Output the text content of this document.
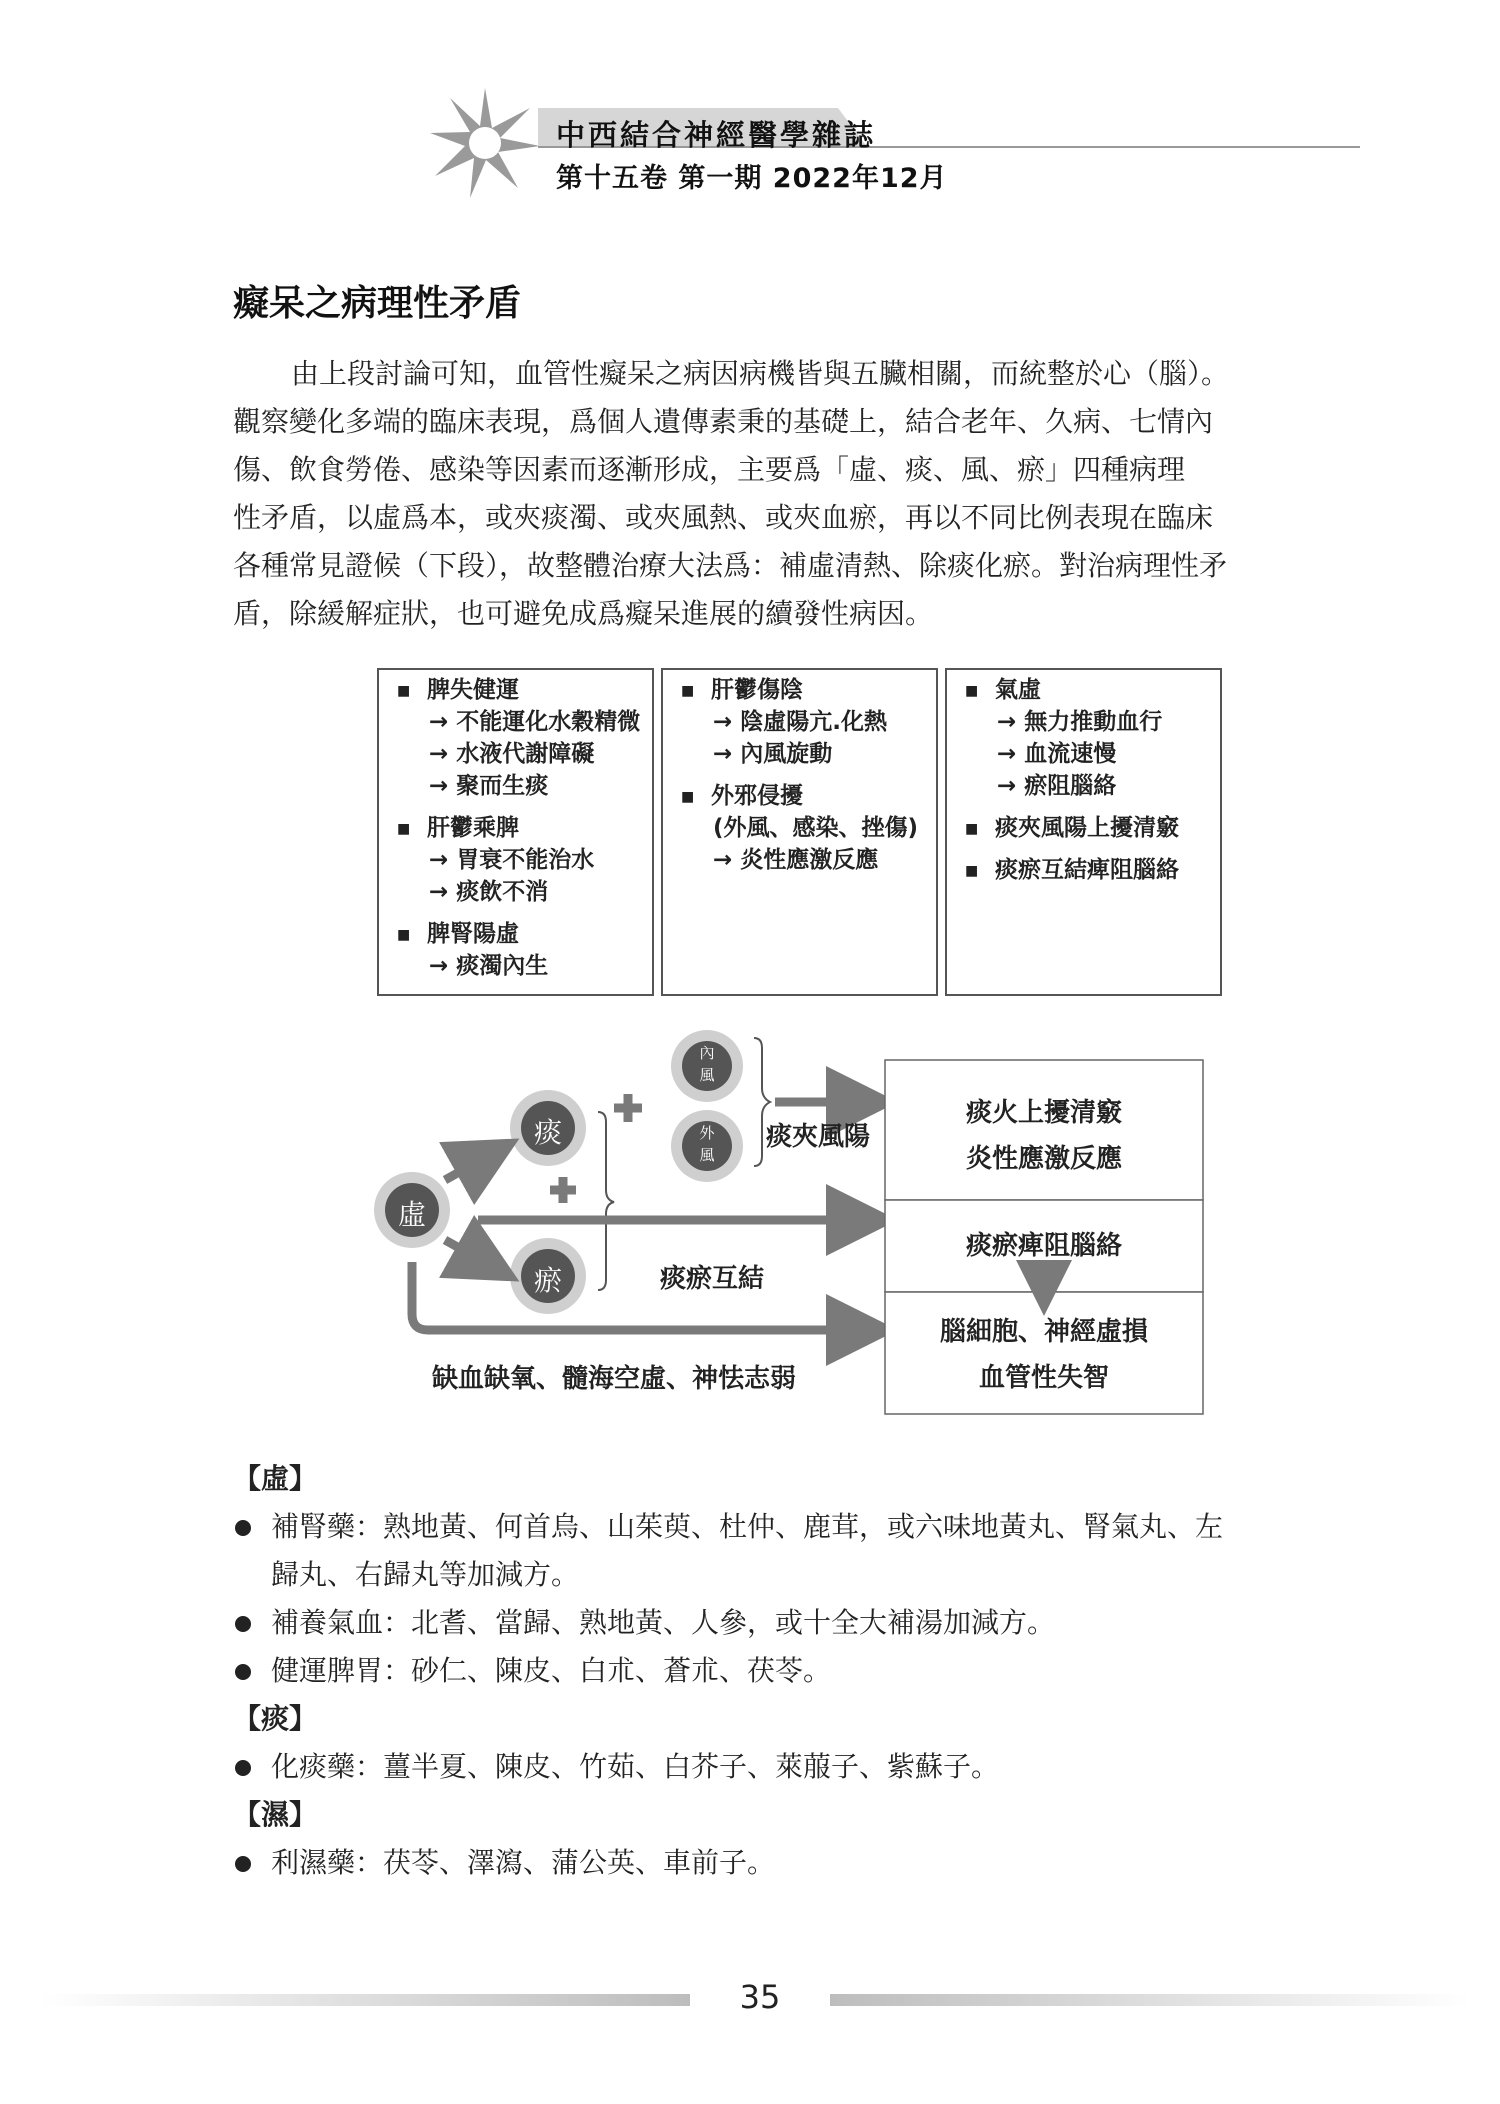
中西結合神經醫學雜誌
第十五卷 第一期 2022年12月
癡呆之病理性矛盾

由上段討論可知，血管性癡呆之病因病機皆與五臟相關，而統整於心（腦）。

觀察變化多端的臨床表現，爲個人遺傳素秉的基礎上，結合老年、久病、七情內

傷、飲食勞倦、感染等因素而逐漸形成，主要爲「虛、痰、風、瘀」四種病理

性矛盾，以虛爲本，或夾痰濁、或夾風熱、或夾血瘀，再以不同比例表現在臨床

各種常見證候（下段），故整體治療大法爲：補虛清熱、除痰化瘀。對治病理性矛

盾，除緩解症狀，也可避免成爲癡呆進展的續發性病因。

■ 脾失健運
→ 不能運化水穀精微
→ 水液代謝障礙
→ 聚而生痰
■ 肝鬱乘脾
→ 胃衰不能治水
→ 痰飲不消
■ 脾腎陽虛
→ 痰濁內生
■ 肝鬱傷陰
→ 陰虛陽亢.化熱
→ 內風旋動
■ 外邪侵擾
(外風、感染、挫傷)
→ 炎性應激反應
■ 氣虛
→ 無力推動血行
→ 血流速慢
→ 瘀阻腦絡
■ 痰夾風陽上擾清竅
■ 痰瘀互結痺阻腦絡
虛
痰
瘀
內風
外風
痰夾風陽
痰瘀互結
缺血缺氧、髓海空虛、神怯志弱
痰火上擾清竅
炎性應激反應
痰瘀痺阻腦絡
腦細胞、神經虛損
血管性失智
【虛】
補腎藥：熟地黃、何首烏、山茱萸、杜仲、鹿茸，或六味地黃丸、腎氣丸、左
歸丸、右歸丸等加減方。
補養氣血：北耆、當歸、熟地黃、人參，或十全大補湯加減方。
健運脾胃：砂仁、陳皮、白朮、蒼朮、茯苓。
【痰】
化痰藥：薑半夏、陳皮、竹茹、白芥子、萊菔子、紫蘇子。
【濕】
利濕藥：茯苓、澤瀉、蒲公英、車前子。
35
